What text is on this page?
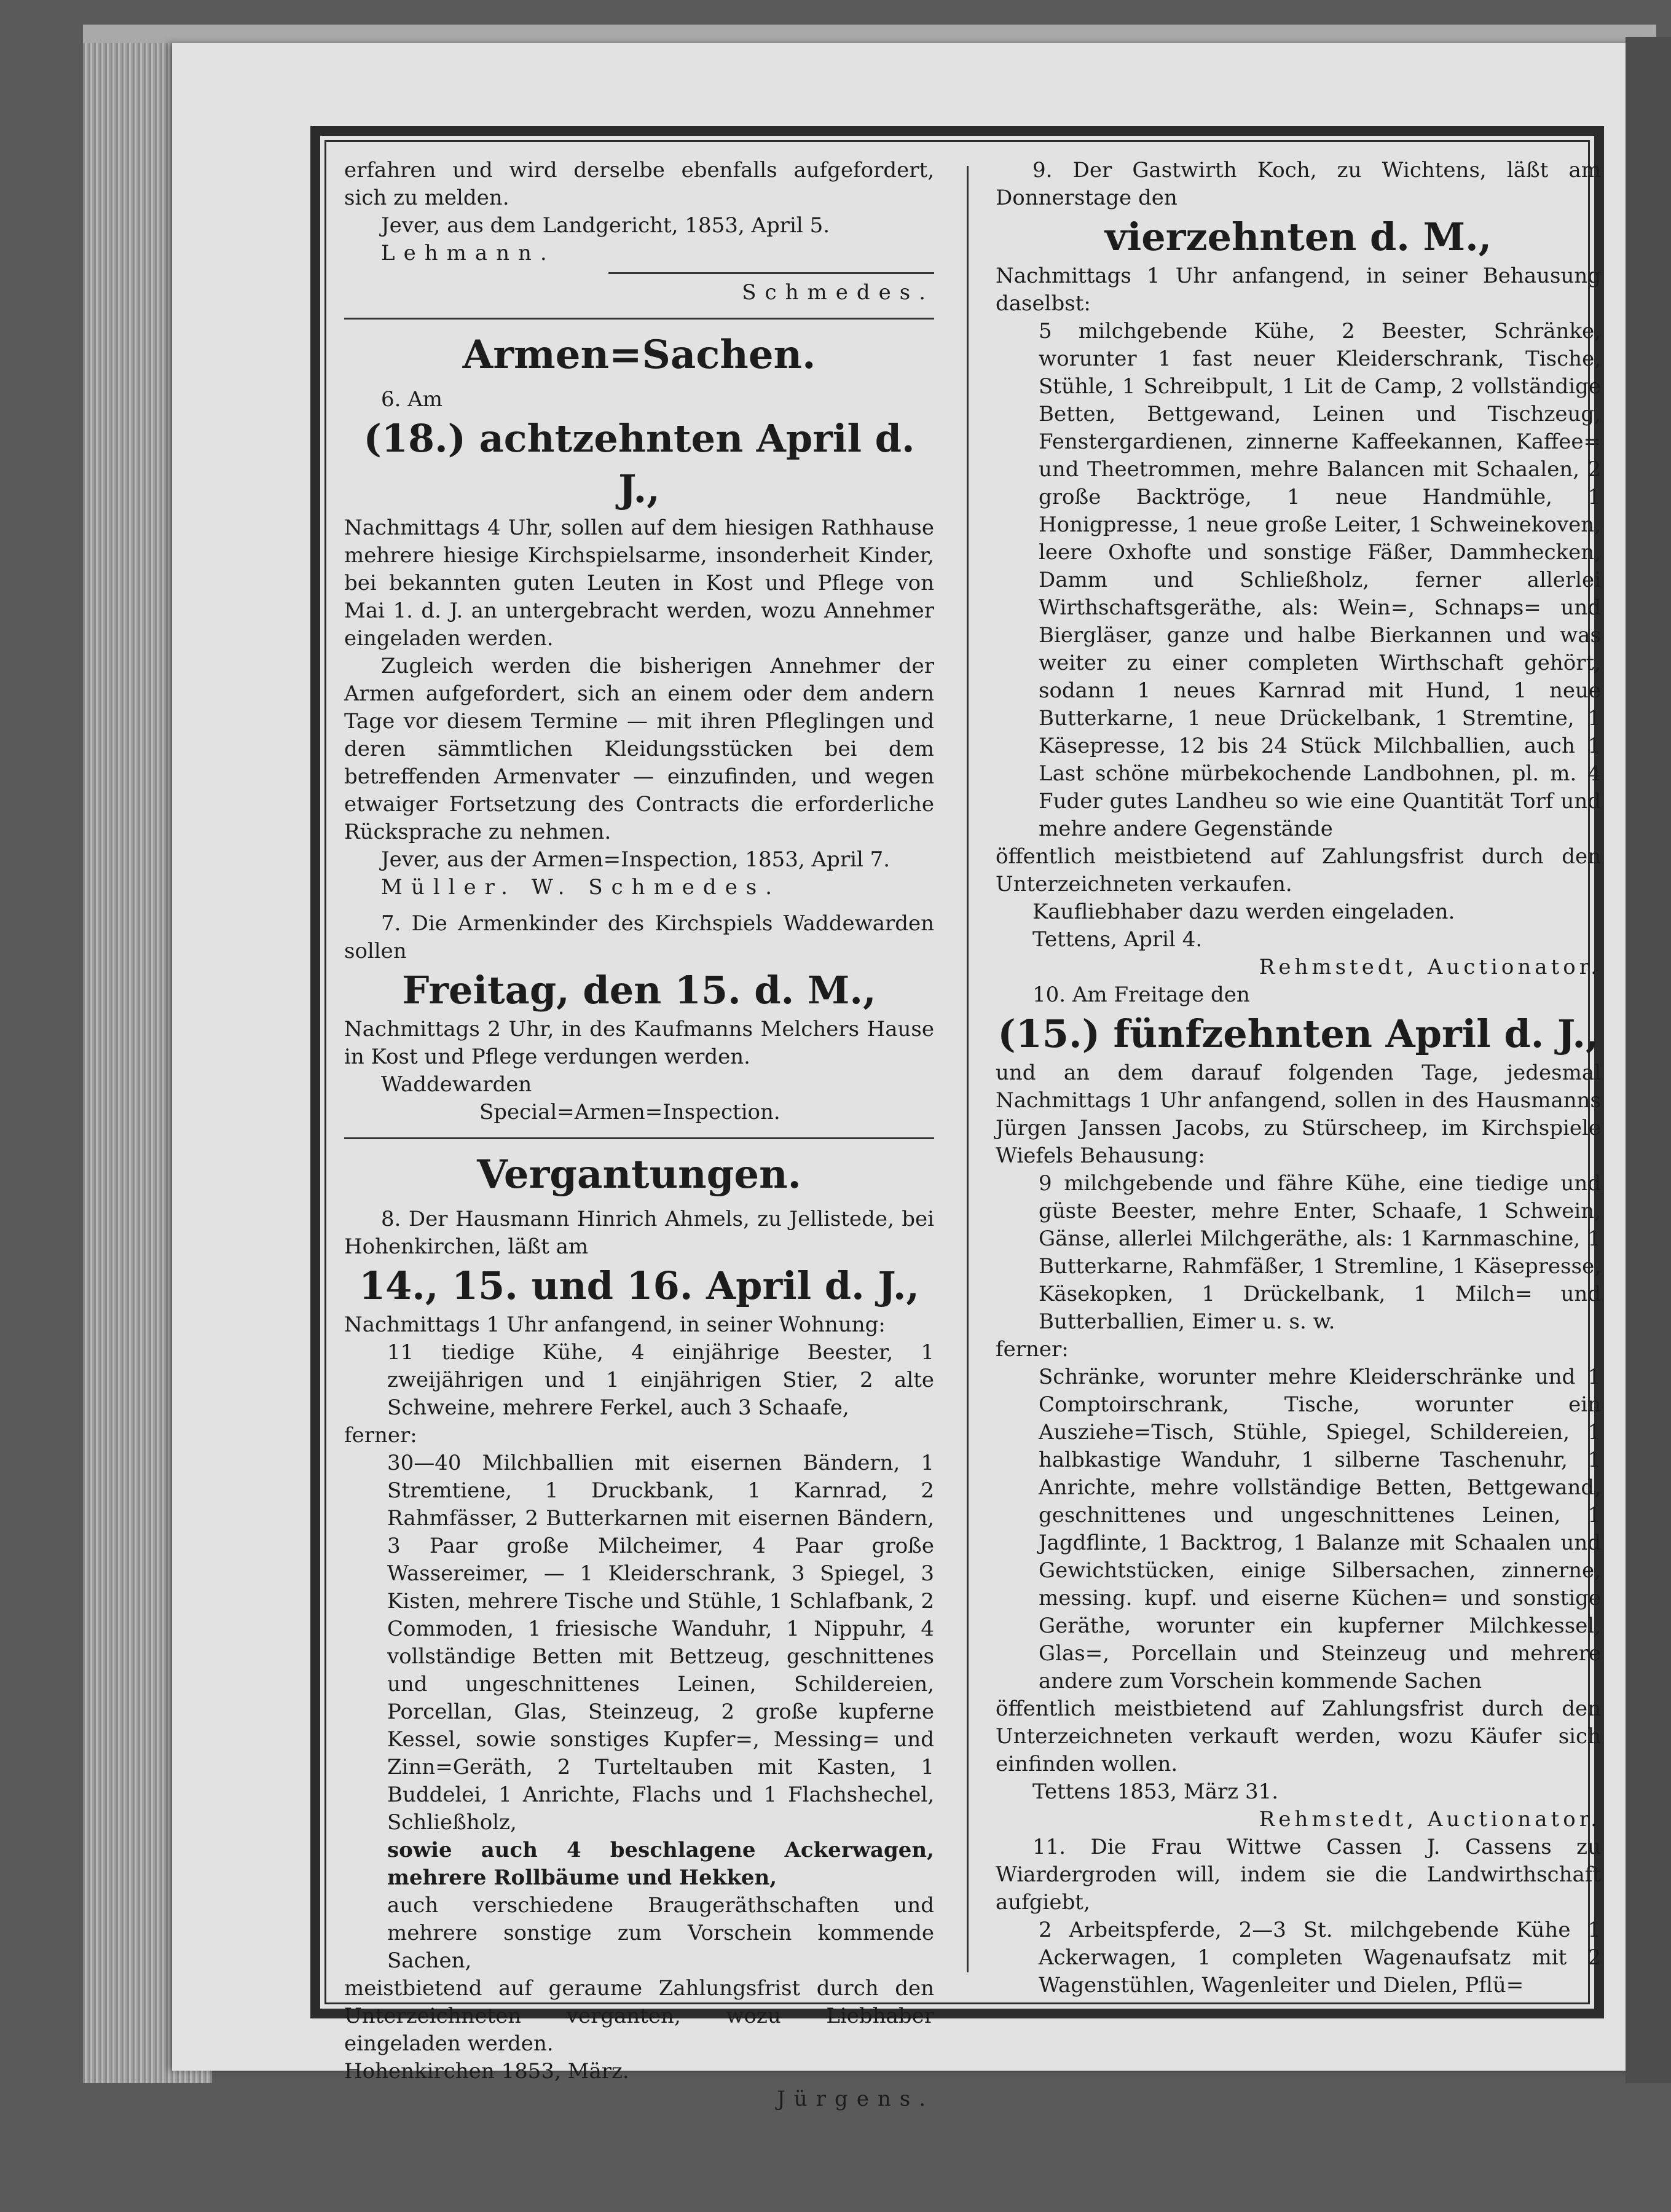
erfahren und wird derselbe ebenfalls aufgefordert, sich zu melden.

Jever, aus dem Landgericht, 1853, April 5.

Lehmann.

Schmedes.

Armen=Sachen.

6. Am

(18.) achtzehnten April d. J.,

Nachmittags 4 Uhr, sollen auf dem hiesigen Rathhause mehrere hiesige Kirchspielsarme, insonderheit Kinder, bei bekannten guten Leuten in Kost und Pflege von Mai 1. d. J. an untergebracht werden, wozu Annehmer eingeladen werden.

Zugleich werden die bisherigen Annehmer der Armen aufgefordert, sich an einem oder dem andern Tage vor diesem Termine — mit ihren Pfleglingen und deren sämmtlichen Kleidungsstücken bei dem betreffenden Armenvater — einzufinden, und wegen etwaiger Fortsetzung des Contracts die erforderliche Rücksprache zu nehmen.

Jever, aus der Armen=Inspection, 1853, April 7.

Müller. W. Schmedes.

7. Die Armenkinder des Kirchspiels Waddewarden sollen

Freitag, den 15. d. M.,

Nachmittags 2 Uhr, in des Kaufmanns Melchers Hause in Kost und Pflege verdungen werden.

Waddewarden

Special=Armen=Inspection.

Vergantungen.

8. Der Hausmann Hinrich Ahmels, zu Jellistede, bei Hohenkirchen, läßt am

14., 15. und 16. April d. J.,

Nachmittags 1 Uhr anfangend, in seiner Wohnung:

11 tiedige Kühe, 4 einjährige Beester, 1 zweijährigen und 1 einjährigen Stier, 2 alte Schweine, mehrere Ferkel, auch 3 Schaafe,

ferner:

30—40 Milchballien mit eisernen Bändern, 1 Stremtiene, 1 Druckbank, 1 Karnrad, 2 Rahmfässer, 2 Butterkarnen mit eisernen Bändern, 3 Paar große Milcheimer, 4 Paar große Wassereimer, — 1 Kleiderschrank, 3 Spiegel, 3 Kisten, mehrere Tische und Stühle, 1 Schlafbank, 2 Commoden, 1 friesische Wanduhr, 1 Nippuhr, 4 vollständige Betten mit Bettzeug, geschnittenes und ungeschnittenes Leinen, Schildereien, Porcellan, Glas, Steinzeug, 2 große kupferne Kessel, sowie sonstiges Kupfer=, Messing= und Zinn=Geräth, 2 Turteltauben mit Kasten, 1 Buddelei, 1 Anrichte, Flachs und 1 Flachshechel, Schließholz,

sowie auch 4 beschlagene Ackerwagen, mehrere Rollbäume und Hekken,

auch verschiedene Braugeräthschaften und mehrere sonstige zum Vorschein kommende Sachen,

meistbietend auf geraume Zahlungsfrist durch den Unterzeichneten verganten, wozu Liebhaber eingeladen werden.

Hohenkirchen 1853, März.

Jürgens.

9. Der Gastwirth Koch, zu Wichtens, läßt am Donnerstage den

vierzehnten d. M.,

Nachmittags 1 Uhr anfangend, in seiner Behausung daselbst:

5 milchgebende Kühe, 2 Beester, Schränke, worunter 1 fast neuer Kleiderschrank, Tische, Stühle, 1 Schreibpult, 1 Lit de Camp, 2 vollständige Betten, Bettgewand, Leinen und Tischzeug, Fenstergardienen, zinnerne Kaffeekannen, Kaffee= und Theetrommen, mehre Balancen mit Schaalen, 2 große Backtröge, 1 neue Handmühle, 1 Honigpresse, 1 neue große Leiter, 1 Schweinekoven, leere Oxhofte und sonstige Fäßer, Dammhecken, Damm und Schließholz, ferner allerlei Wirthschaftsgeräthe, als: Wein=, Schnaps= und Biergläser, ganze und halbe Bierkannen und was weiter zu einer completen Wirthschaft gehört, sodann 1 neues Karnrad mit Hund, 1 neue Butterkarne, 1 neue Drückelbank, 1 Stremtine, 1 Käsepresse, 12 bis 24 Stück Milchballien, auch 1 Last schöne mürbekochende Landbohnen, pl. m. 4 Fuder gutes Landheu so wie eine Quantität Torf und mehre andere Gegenstände

öffentlich meistbietend auf Zahlungsfrist durch den Unterzeichneten verkaufen.

Kaufliebhaber dazu werden eingeladen.

Tettens, April 4.

Rehmstedt, Auctionator.

10. Am Freitage den

(15.) fünfzehnten April d. J.,

und an dem darauf folgenden Tage, jedesmal Nachmittags 1 Uhr anfangend, sollen in des Hausmanns Jürgen Janssen Jacobs, zu Stürscheep, im Kirchspiele Wiefels Behausung:

9 milchgebende und fähre Kühe, eine tiedige und güste Beester, mehre Enter, Schaafe, 1 Schwein, Gänse, allerlei Milchgeräthe, als: 1 Karnmaschine, 1 Butterkarne, Rahmfäßer, 1 Stremline, 1 Käsepresse, Käsekopken, 1 Drückelbank, 1 Milch= und Butterballien, Eimer u. s. w.

ferner:

Schränke, worunter mehre Kleiderschränke und 1 Comptoirschrank, Tische, worunter ein Ausziehe=Tisch, Stühle, Spiegel, Schildereien, 1 halbkastige Wanduhr, 1 silberne Taschenuhr, 1 Anrichte, mehre vollständige Betten, Bettgewand, geschnittenes und ungeschnittenes Leinen, 1 Jagdflinte, 1 Backtrog, 1 Balanze mit Schaalen und Gewichtstücken, einige Silbersachen, zinnerne, messing. kupf. und eiserne Küchen= und sonstige Geräthe, worunter ein kupferner Milchkessel, Glas=, Porcellain und Steinzeug und mehrere andere zum Vorschein kommende Sachen

öffentlich meistbietend auf Zahlungsfrist durch den Unterzeichneten verkauft werden, wozu Käufer sich einfinden wollen.

Tettens 1853, März 31.

Rehmstedt, Auctionator.

11. Die Frau Wittwe Cassen J. Cassens zu Wiardergroden will, indem sie die Landwirthschaft aufgiebt,

2 Arbeitspferde, 2—3 St. milchgebende Kühe 1 Ackerwagen, 1 completen Wagenaufsatz mit 2 Wagenstühlen, Wagenleiter und Dielen, Pflü=
